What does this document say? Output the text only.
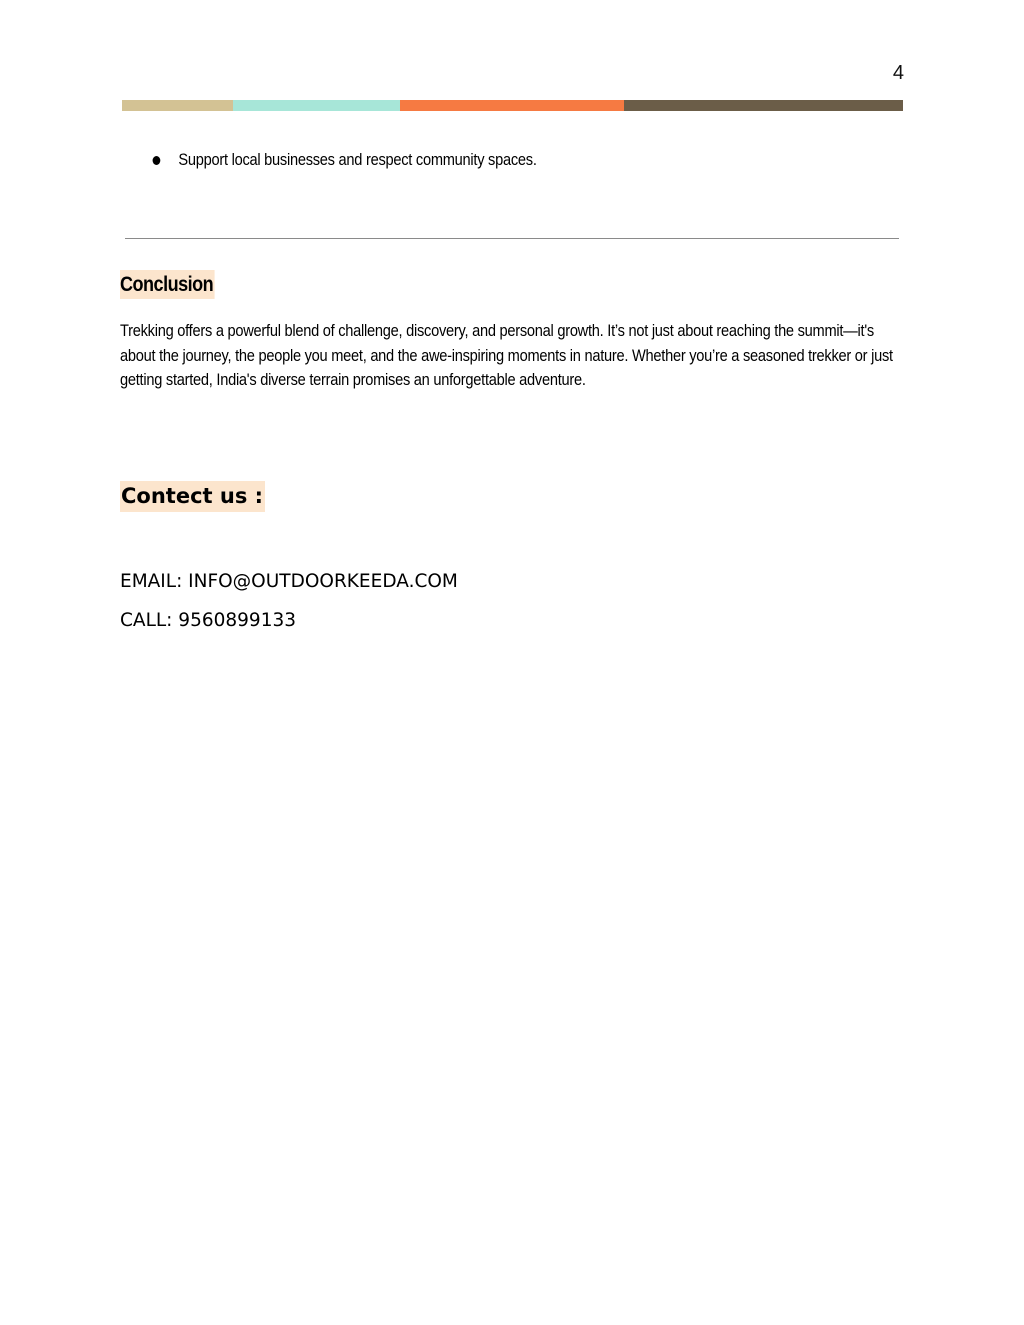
4
Support local businesses and respect community spaces.
Conclusion

Trekking offers a powerful blend of challenge, discovery, and personal growth. It’s not just about reaching the summit—it's about the journey, the people you meet, and the awe-inspiring moments in nature. Whether you’re a seasoned trekker or just getting started, India's diverse terrain promises an unforgettable adventure.

Contect us :
EMAIL: INFO@OUTDOORKEEDA.COM
CALL: 9560899133
